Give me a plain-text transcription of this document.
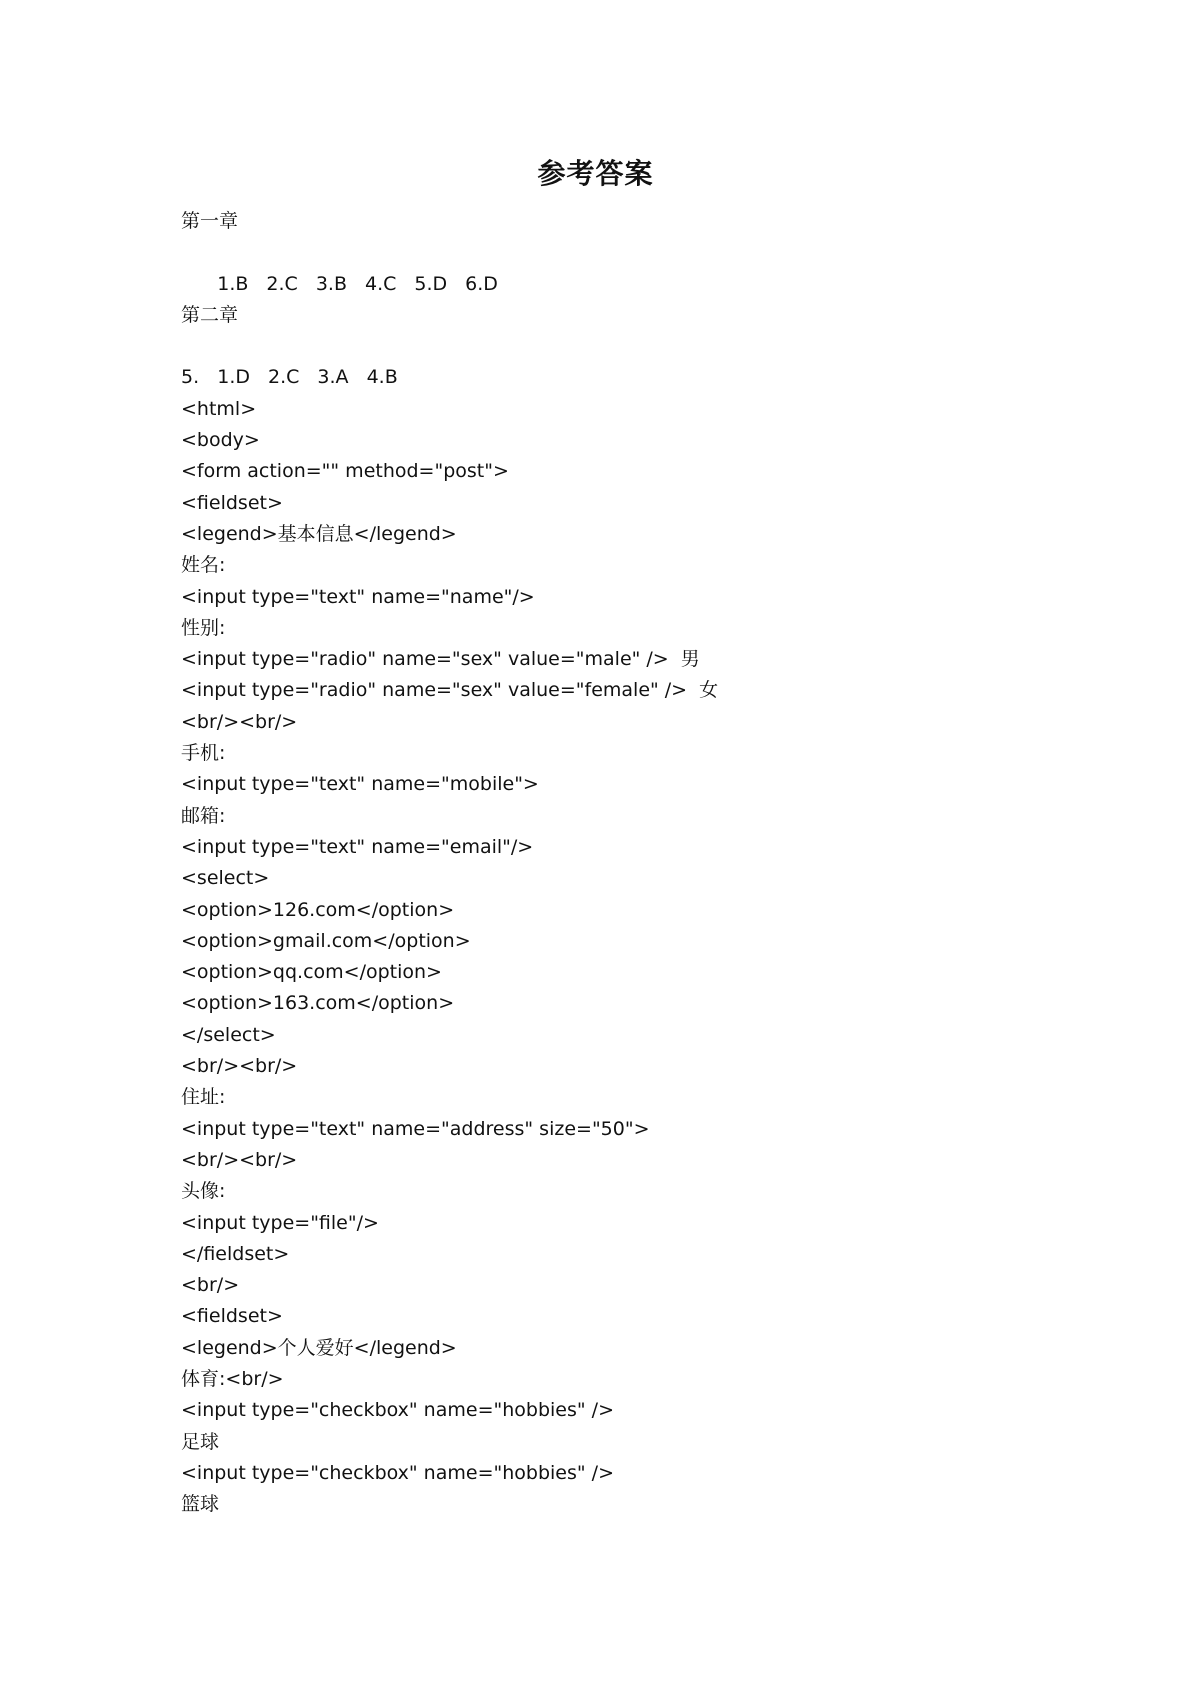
参考答案
第一章

1.B 2.C 3.B 4.C 5.D 6.D

第二章

1.D 2.C 3.A 4.B

5.
<html>
<body>
<form action="" method="post">
<fieldset>
<legend>基本信息</legend>
姓名:
<input type="text" name="name"/>
性别:
<input type="radio" name="sex" value="male" />  男
<input type="radio" name="sex" value="female" />  女
<br/><br/>
手机:
<input type="text" name="mobile">
邮箱:
<input type="text" name="email"/>
<select>
<option>126.com</option>
<option>gmail.com</option>
<option>qq.com</option>
<option>163.com</option>
</select>
<br/><br/>
住址:
<input type="text" name="address" size="50">
<br/><br/>
头像:
<input type="file"/>
</fieldset>
<br/>
<fieldset>
<legend>个人爱好</legend>
体育:<br/>
<input type="checkbox" name="hobbies" />
足球
<input type="checkbox" name="hobbies" />
篮球
